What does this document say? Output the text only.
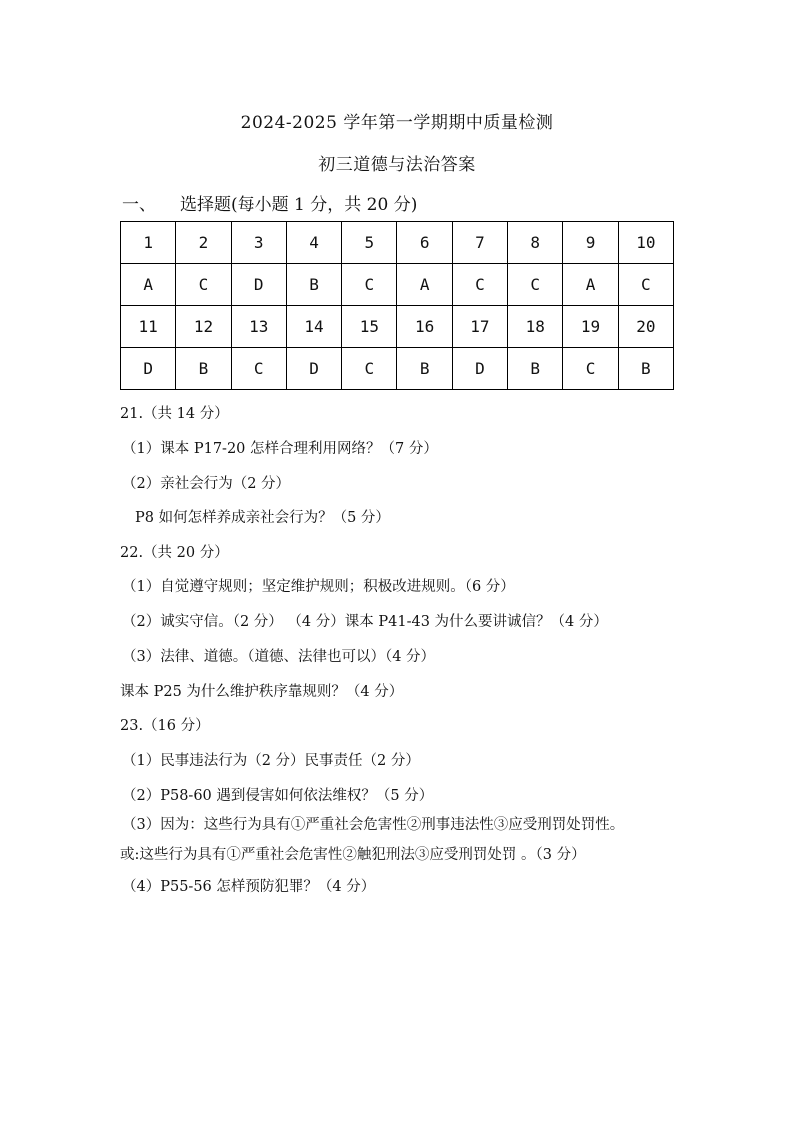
2024-2025 学年第一学期期中质量检测
初三道德与法治答案
一、 选择题(每小题 1 分，共 20 分)
1	2	3	4	5	6	7	8	9	10
A	C	D	B	C	A	C	C	A	C
11	12	13	14	15	16	17	18	19	20
D	B	C	D	C	B	D	B	C	B
21.（共 14 分）
（1）课本 P17-20 怎样合理利用网络？（7 分）
（2）亲社会行为（2 分）
P8 如何怎样养成亲社会行为？（5 分）
22.（共 20 分）
（1）自觉遵守规则；坚定维护规则；积极改进规则。（6 分）
（2）诚实守信。（2 分） （4 分）课本 P41-43 为什么要讲诚信？（4 分）
（3）法律、道德。（道德、法律也可以）（4 分）
课本 P25 为什么维护秩序靠规则？（4 分）
23.（16 分）
（1）民事违法行为（2 分）民事责任（2 分）
（2）P58-60 遇到侵害如何依法维权？（5 分）
（3）因为：这些行为具有①严重社会危害性②刑事违法性③应受刑罚处罚性。
或:这些行为具有①严重社会危害性②触犯刑法③应受刑罚处罚 。（3 分）
（4）P55-56 怎样预防犯罪？（4 分）
